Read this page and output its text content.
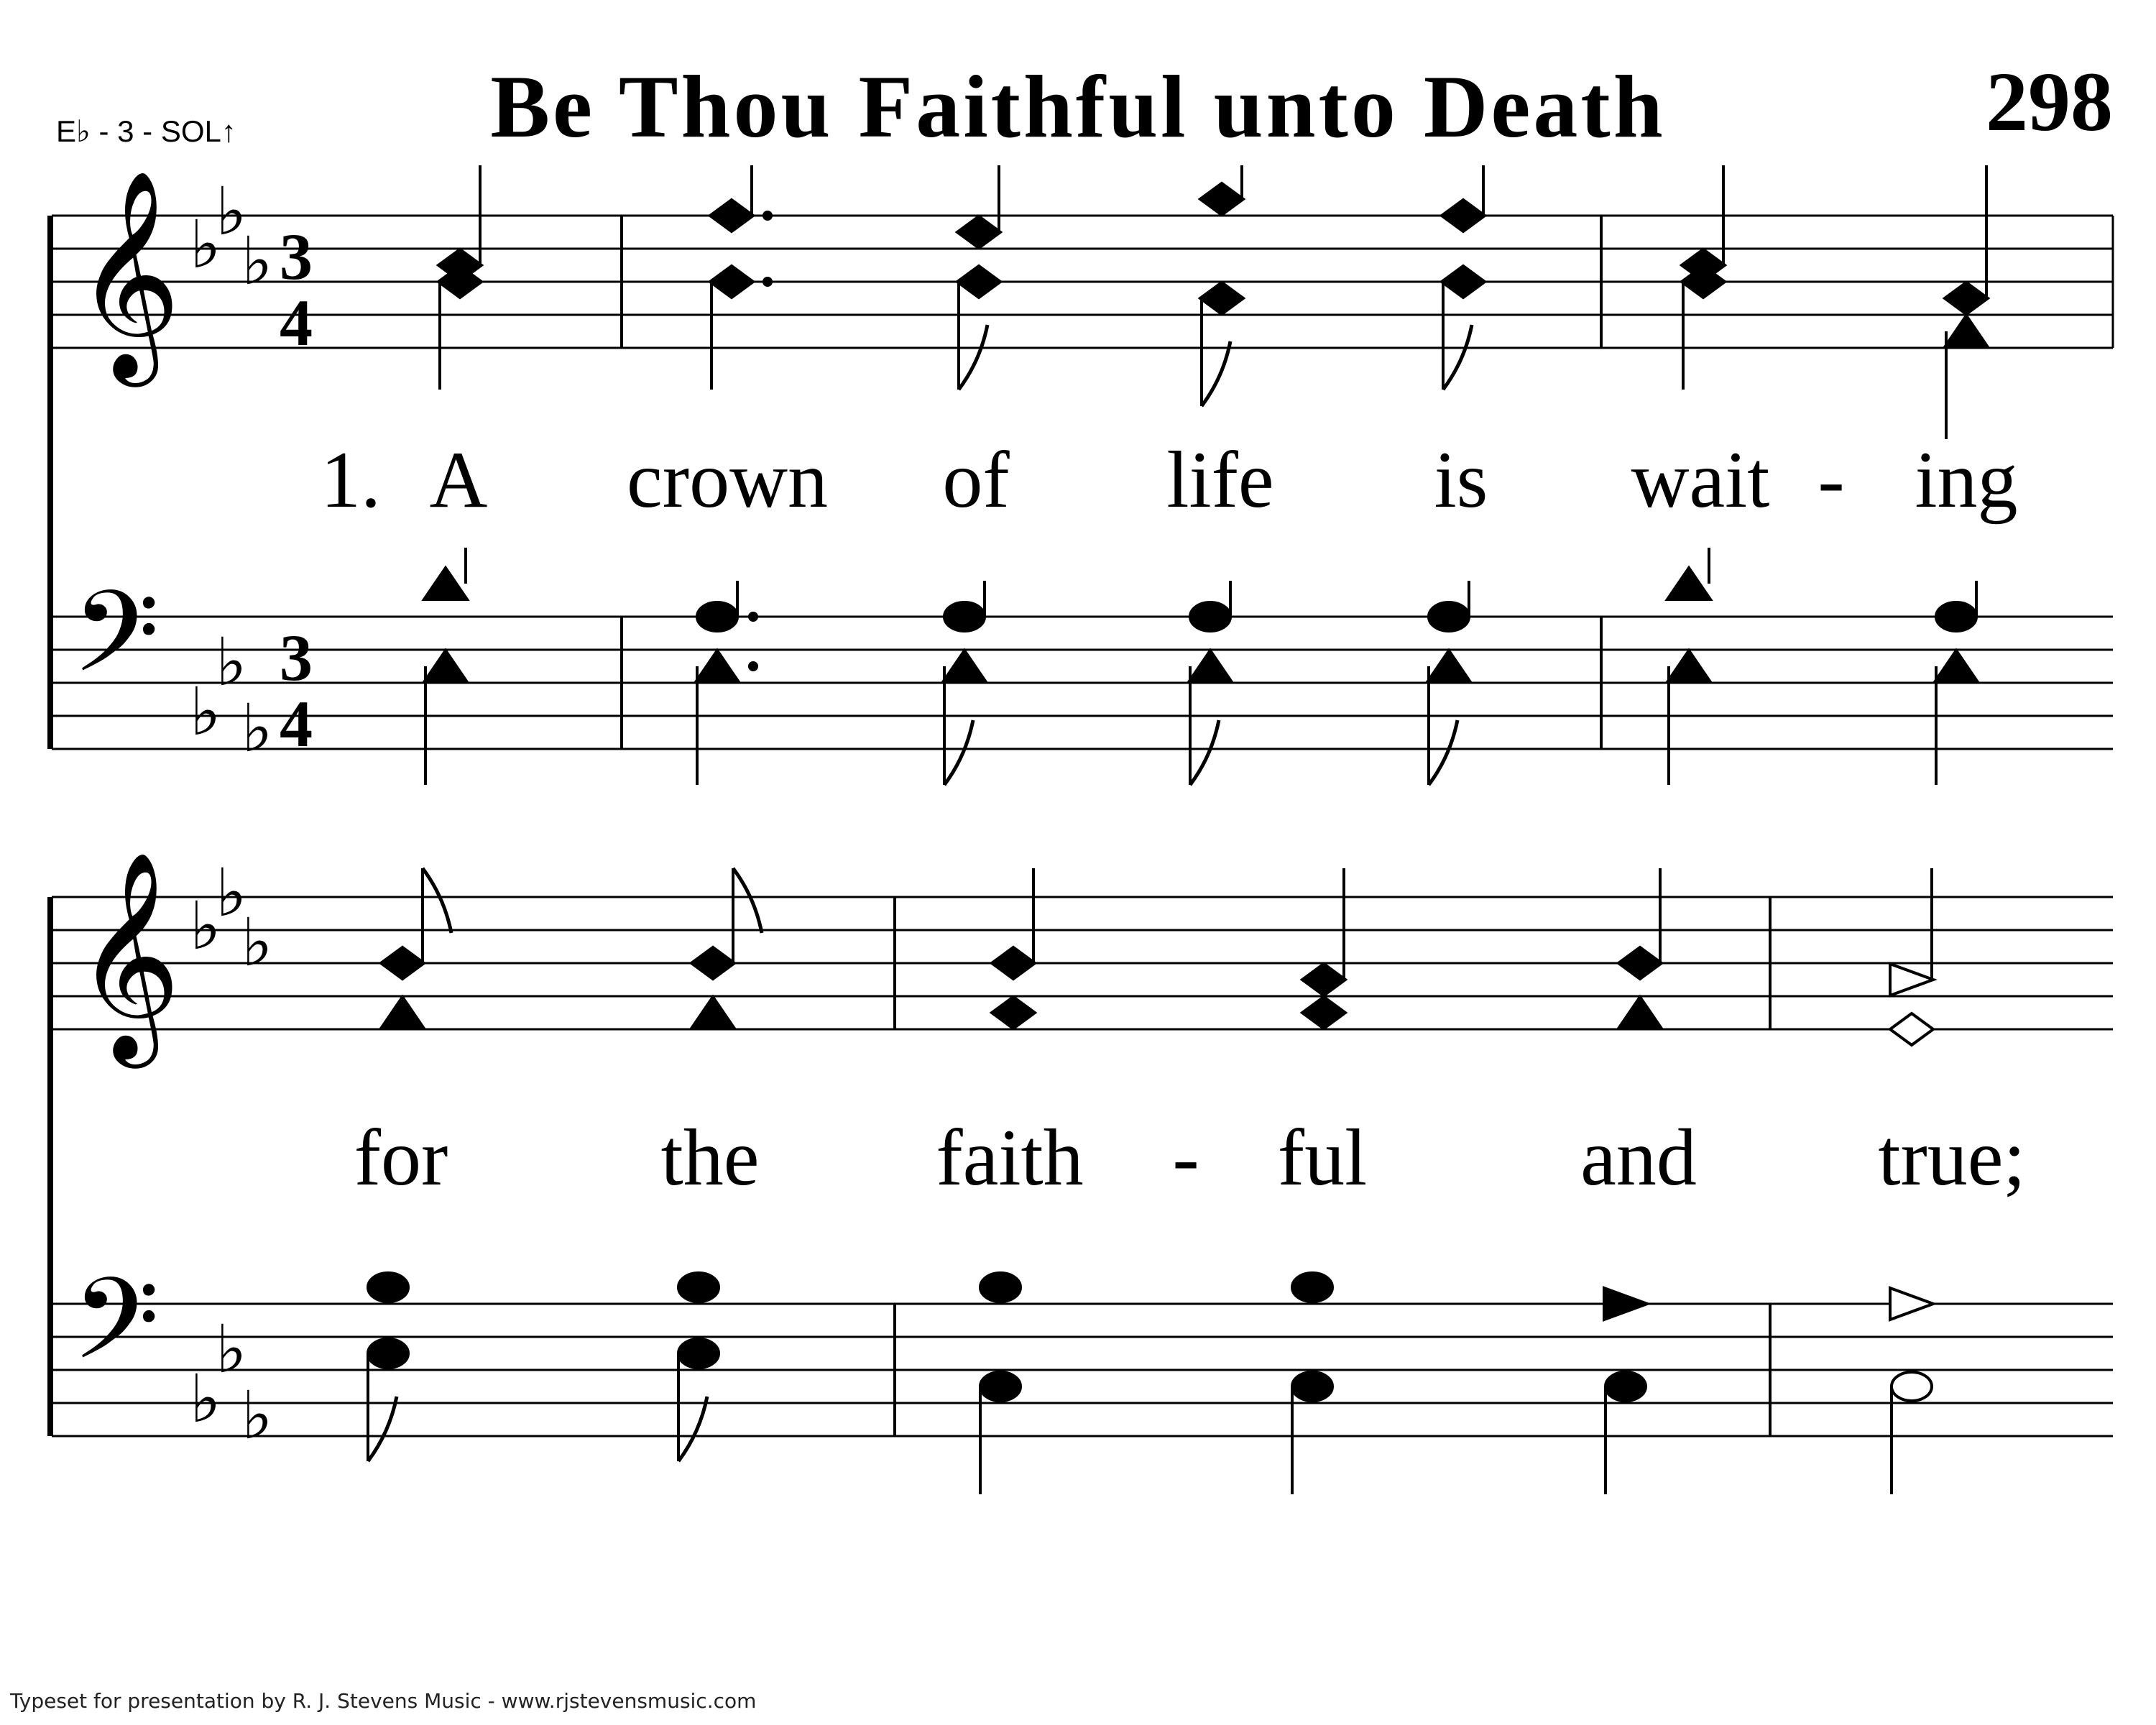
𝄞
𝄢
𝄞
𝄢
♭
♭
♭
♭
♭
♭
♭
♭
♭
♭
♭
♭
3
4
3
4
E♭ - 3 - SOL↑	Be Thou Faithful unto Death	298
1. A crown of life is wait - ing
for	the faith - ful	and true;
Typeset for presentation by R. J. Stevens Music - www.rjstevensmusic.com
